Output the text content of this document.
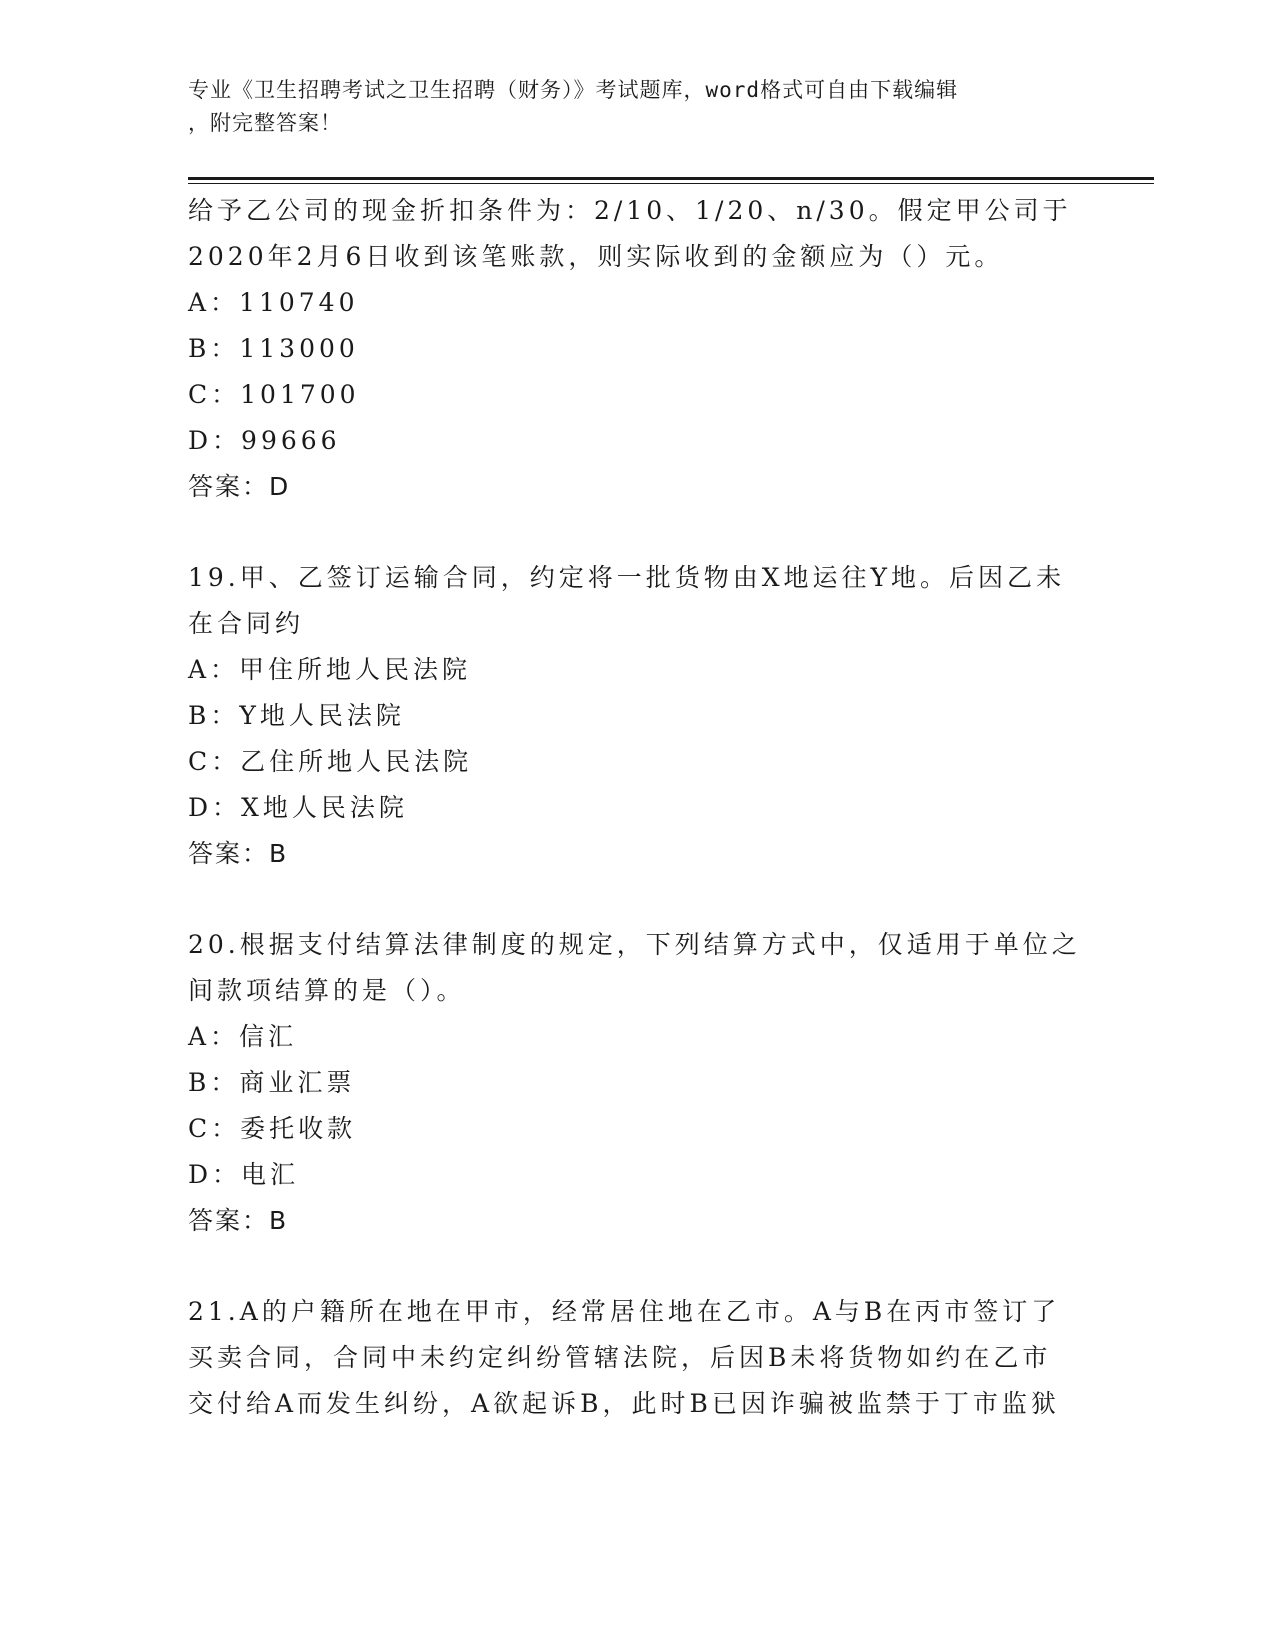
专业《卫生招聘考试之卫生招聘（财务）》考试题库，word格式可自由下载编辑
，附完整答案！
给予乙公司的现金折扣条件为：2/10、1/20、n/30。假定甲公司于
2020年2月6日收到该笔账款，则实际收到的金额应为（）元。
A：110740
B：113000
C：101700
D：99666
答案：D
19.甲、乙签订运输合同，约定将一批货物由X地运往Y地。后因乙未
在合同约
A：甲住所地人民法院
B：Y地人民法院
C：乙住所地人民法院
D：X地人民法院
答案：B
20.根据支付结算法律制度的规定，下列结算方式中，仅适用于单位之
间款项结算的是（）。
A：信汇
B：商业汇票
C：委托收款
D：电汇
答案：B
21.A的户籍所在地在甲市，经常居住地在乙市。A与B在丙市签订了
买卖合同，合同中未约定纠纷管辖法院，后因B未将货物如约在乙市
交付给A而发生纠纷，A欲起诉B，此时B已因诈骗被监禁于丁市监狱
